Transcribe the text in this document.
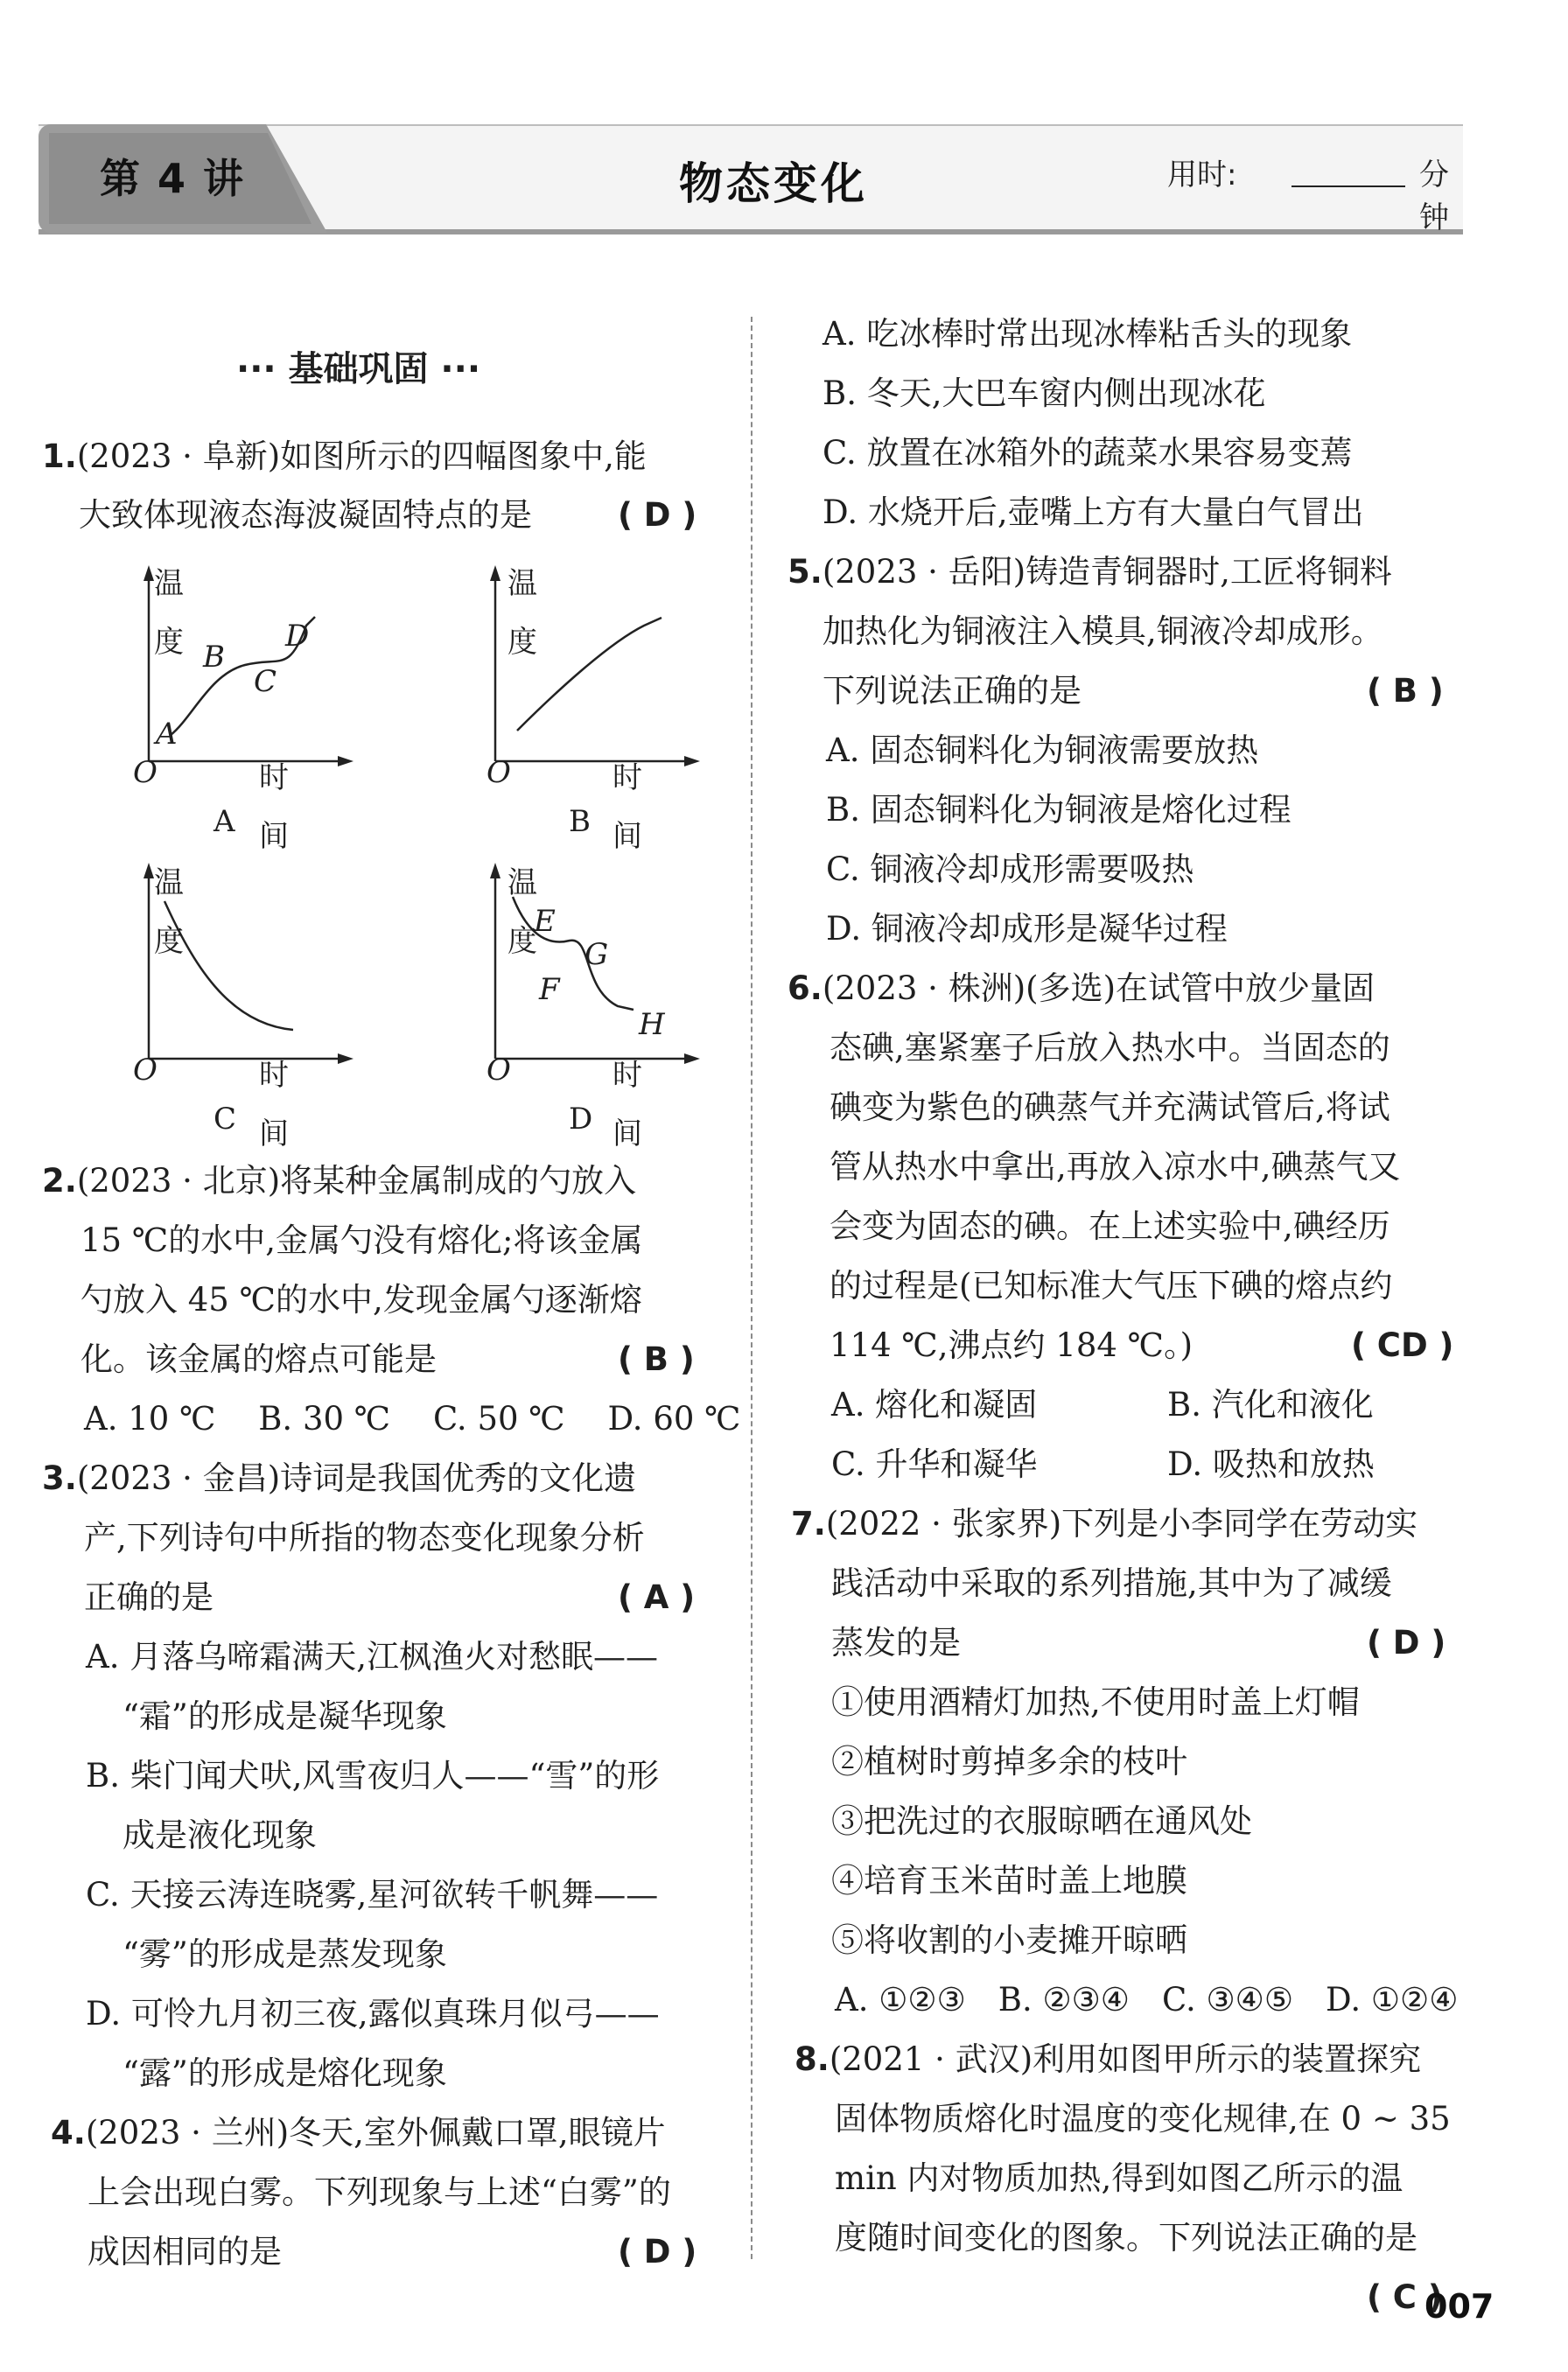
第 4 讲	物态变化	用时:	分钟
··· 基础巩固 ···
1.(2023 · 阜新)如图所示的四幅图象中,能
大致体现液态海波凝固特点的是	( D )
温度
时间
O
A
B
C
D
A
温度
时间
O
B
温度
时间
O
C
温度
时间
O
E
F
G
H
D
2.(2023 · 北京)将某种金属制成的勺放入
15 ℃的水中,金属勺没有熔化;将该金属
勺放入 45 ℃的水中,发现金属勺逐渐熔
化。该金属的熔点可能是	( B )
A. 10 ℃　 B. 30 ℃　 C. 50 ℃　 D. 60 ℃
3.(2023 · 金昌)诗词是我国优秀的文化遗
产,下列诗句中所指的物态变化现象分析
正确的是	( A )
A. 月落乌啼霜满天,江枫渔火对愁眠——
“霜”的形成是凝华现象
B. 柴门闻犬吠,风雪夜归人——“雪”的形
成是液化现象
C. 天接云涛连晓雾,星河欲转千帆舞——
“雾”的形成是蒸发现象
D. 可怜九月初三夜,露似真珠月似弓——
“露”的形成是熔化现象
4.(2023 · 兰州)冬天,室外佩戴口罩,眼镜片
上会出现白雾。下列现象与上述“白雾”的
成因相同的是	( D )
A. 吃冰棒时常出现冰棒粘舌头的现象
B. 冬天,大巴车窗内侧出现冰花
C. 放置在冰箱外的蔬菜水果容易变蔫
D. 水烧开后,壶嘴上方有大量白气冒出
5.(2023 · 岳阳)铸造青铜器时,工匠将铜料
加热化为铜液注入模具,铜液冷却成形。
下列说法正确的是	( B )
A. 固态铜料化为铜液需要放热
B. 固态铜料化为铜液是熔化过程
C. 铜液冷却成形需要吸热
D. 铜液冷却成形是凝华过程
6.(2023 · 株洲)(多选)在试管中放少量固
态碘,塞紧塞子后放入热水中。当固态的
碘变为紫色的碘蒸气并充满试管后,将试
管从热水中拿出,再放入凉水中,碘蒸气又
会变为固态的碘。在上述实验中,碘经历
的过程是(已知标准大气压下碘的熔点约
114 ℃,沸点约 184 ℃。)	( CD )
A. 熔化和凝固	B. 汽化和液化
C. 升华和凝华	D. 吸热和放热
7.(2022 · 张家界)下列是小李同学在劳动实
践活动中采取的系列措施,其中为了减缓
蒸发的是	( D )
①使用酒精灯加热,不使用时盖上灯帽
②植树时剪掉多余的枝叶
③把洗过的衣服晾晒在通风处
④培育玉米苗时盖上地膜
⑤将收割的小麦摊开晾晒
A. ①②③　B. ②③④　C. ③④⑤　D. ①②④
8.(2021 · 武汉)利用如图甲所示的装置探究
固体物质熔化时温度的变化规律,在 0 ~ 35
min 内对物质加热,得到如图乙所示的温
度随时间变化的图象。下列说法正确的是
( C )
007
